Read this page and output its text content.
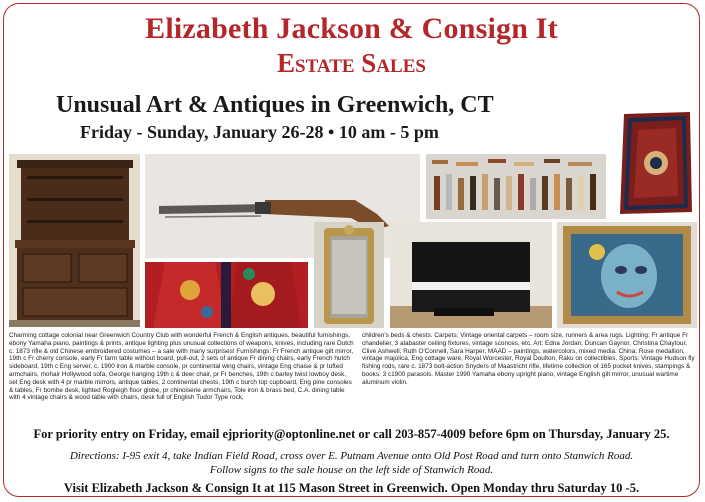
Elizabeth Jackson & Consign It
Estate Sales
Unusual Art & Antiques in Greenwich, CT
Friday - Sunday, January 26-28 • 10 am - 5 pm
Charming cottage colonial near Greenwich Country Club with wonderful French & English antiques, beautiful furnishings, ebony Yamaha piano, paintings & prints, antique lighting plus unusual collections of weapons, knives, including rare Dutch c. 1873 rifle & old Chinese embroidered costumes – a sale with many surprises! Furnishings: Fr French antique gilt mirror, 19th c Fr cherry console, early Fr farm table without board, pull-out, 2 sets of antique Fr dining chairs, early French hutch sideboard, 19th c Eng server, c. 1900 iron & marble console, pr continental wing chairs, vintage Eng chaise & pr tufted armchairs, mohair Hollywood sofa, George hanging 19th c & deer chair, pr Fr benches, 19th c barley twist lowboy desk, set Eng desk with 4 pr marble mirrors, antique tables, 2 continental chests, 19th c burch top cupboard, Eng pine consoles & tables, Fr bombe desk, lighted Rogleigh floor globe, pr chinoiserie armchairs, Tole iron & brass bed, C.A. dining table with 4 vintage chairs & wood table with chairs, desk full of English Tudor Type rock,
children's beds & chests. Carpets: Vintage oriental carpets – room size, runners & area rugs. Lighting: Fr antique Fr chandelier, 3 alabaster ceiling fixtures, vintage sconces, etc. Art: Edna Jordan, Duncan Gaynor, Christina Chaytour, Clive Ashwell, Ruth O'Connell, Sara Harper, MAAD – paintings, watercolors, mixed media. China: Rose medallion, vintage majolica, Eng cottage ware, Royal Worcester, Royal Doulton, Raku on collectibles. Sports: Vintage Hudson fly fishing rods, rare c. 1873 bolt-action Snyders of Maastricht rifle, lifetime collection of 165 pocket knives, stampings & books. 3 c1900 parasols. Master 1990 Yamaha ebony upright piano, vintage English gilt mirror, unusual wartime aluminum violin.
For priority entry on Friday, email ejpriority@optonline.net or call 203-857-4009 before 6pm on Thursday, January 25.
Directions: I-95 exit 4, take Indian Field Road, cross over E. Putnam Avenue onto Old Post Road and turn onto Stanwich Road.
Follow signs to the sale house on the left side of Stanwich Road.
Visit Elizabeth Jackson & Consign It at 115 Mason Street in Greenwich. Open Monday thru Saturday 10 -5.
